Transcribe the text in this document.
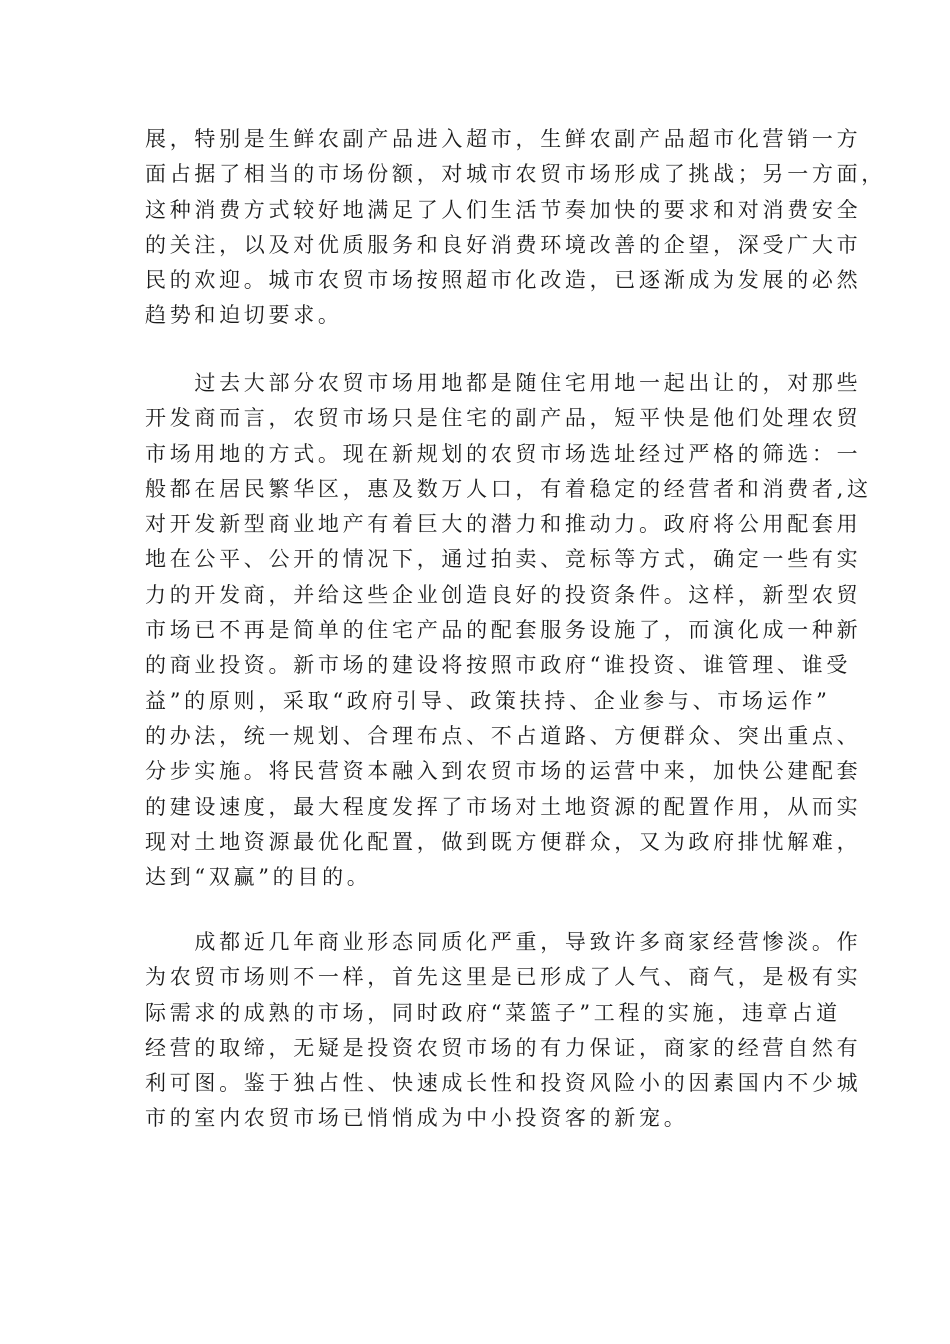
展，特别是生鲜农副产品进入超市，生鲜农副产品超市化营销一方
面占据了相当的市场份额，对城市农贸市场形成了挑战；另一方面，
这种消费方式较好地满足了人们生活节奏加快的要求和对消费安全
的关注，以及对优质服务和良好消费环境改善的企望，深受广大市
民的欢迎。城市农贸市场按照超市化改造，已逐渐成为发展的必然
趋势和迫切要求。
　　过去大部分农贸市场用地都是随住宅用地一起出让的，对那些
开发商而言，农贸市场只是住宅的副产品，短平快是他们处理农贸
市场用地的方式。现在新规划的农贸市场选址经过严格的筛选：一
般都在居民繁华区，惠及数万人口，有着稳定的经营者和消费者,这
对开发新型商业地产有着巨大的潜力和推动力。政府将公用配套用
地在公平、公开的情况下，通过拍卖、竞标等方式，确定一些有实
力的开发商，并给这些企业创造良好的投资条件。这样，新型农贸
市场已不再是简单的住宅产品的配套服务设施了，而演化成一种新
的商业投资。新市场的建设将按照市政府“谁投资、谁管理、谁受
益”的原则，采取“政府引导、政策扶持、企业参与、市场运作”
的办法，统一规划、合理布点、不占道路、方便群众、突出重点、
分步实施。将民营资本融入到农贸市场的运营中来，加快公建配套
的建设速度，最大程度发挥了市场对土地资源的配置作用，从而实
现对土地资源最优化配置，做到既方便群众，又为政府排忧解难，
达到“双赢”的目的。
　　成都近几年商业形态同质化严重，导致许多商家经营惨淡。作
为农贸市场则不一样，首先这里是已形成了人气、商气，是极有实
际需求的成熟的市场，同时政府“菜篮子”工程的实施，违章占道
经营的取缔，无疑是投资农贸市场的有力保证，商家的经营自然有
利可图。鉴于独占性、快速成长性和投资风险小的因素国内不少城
市的室内农贸市场已悄悄成为中小投资客的新宠。
